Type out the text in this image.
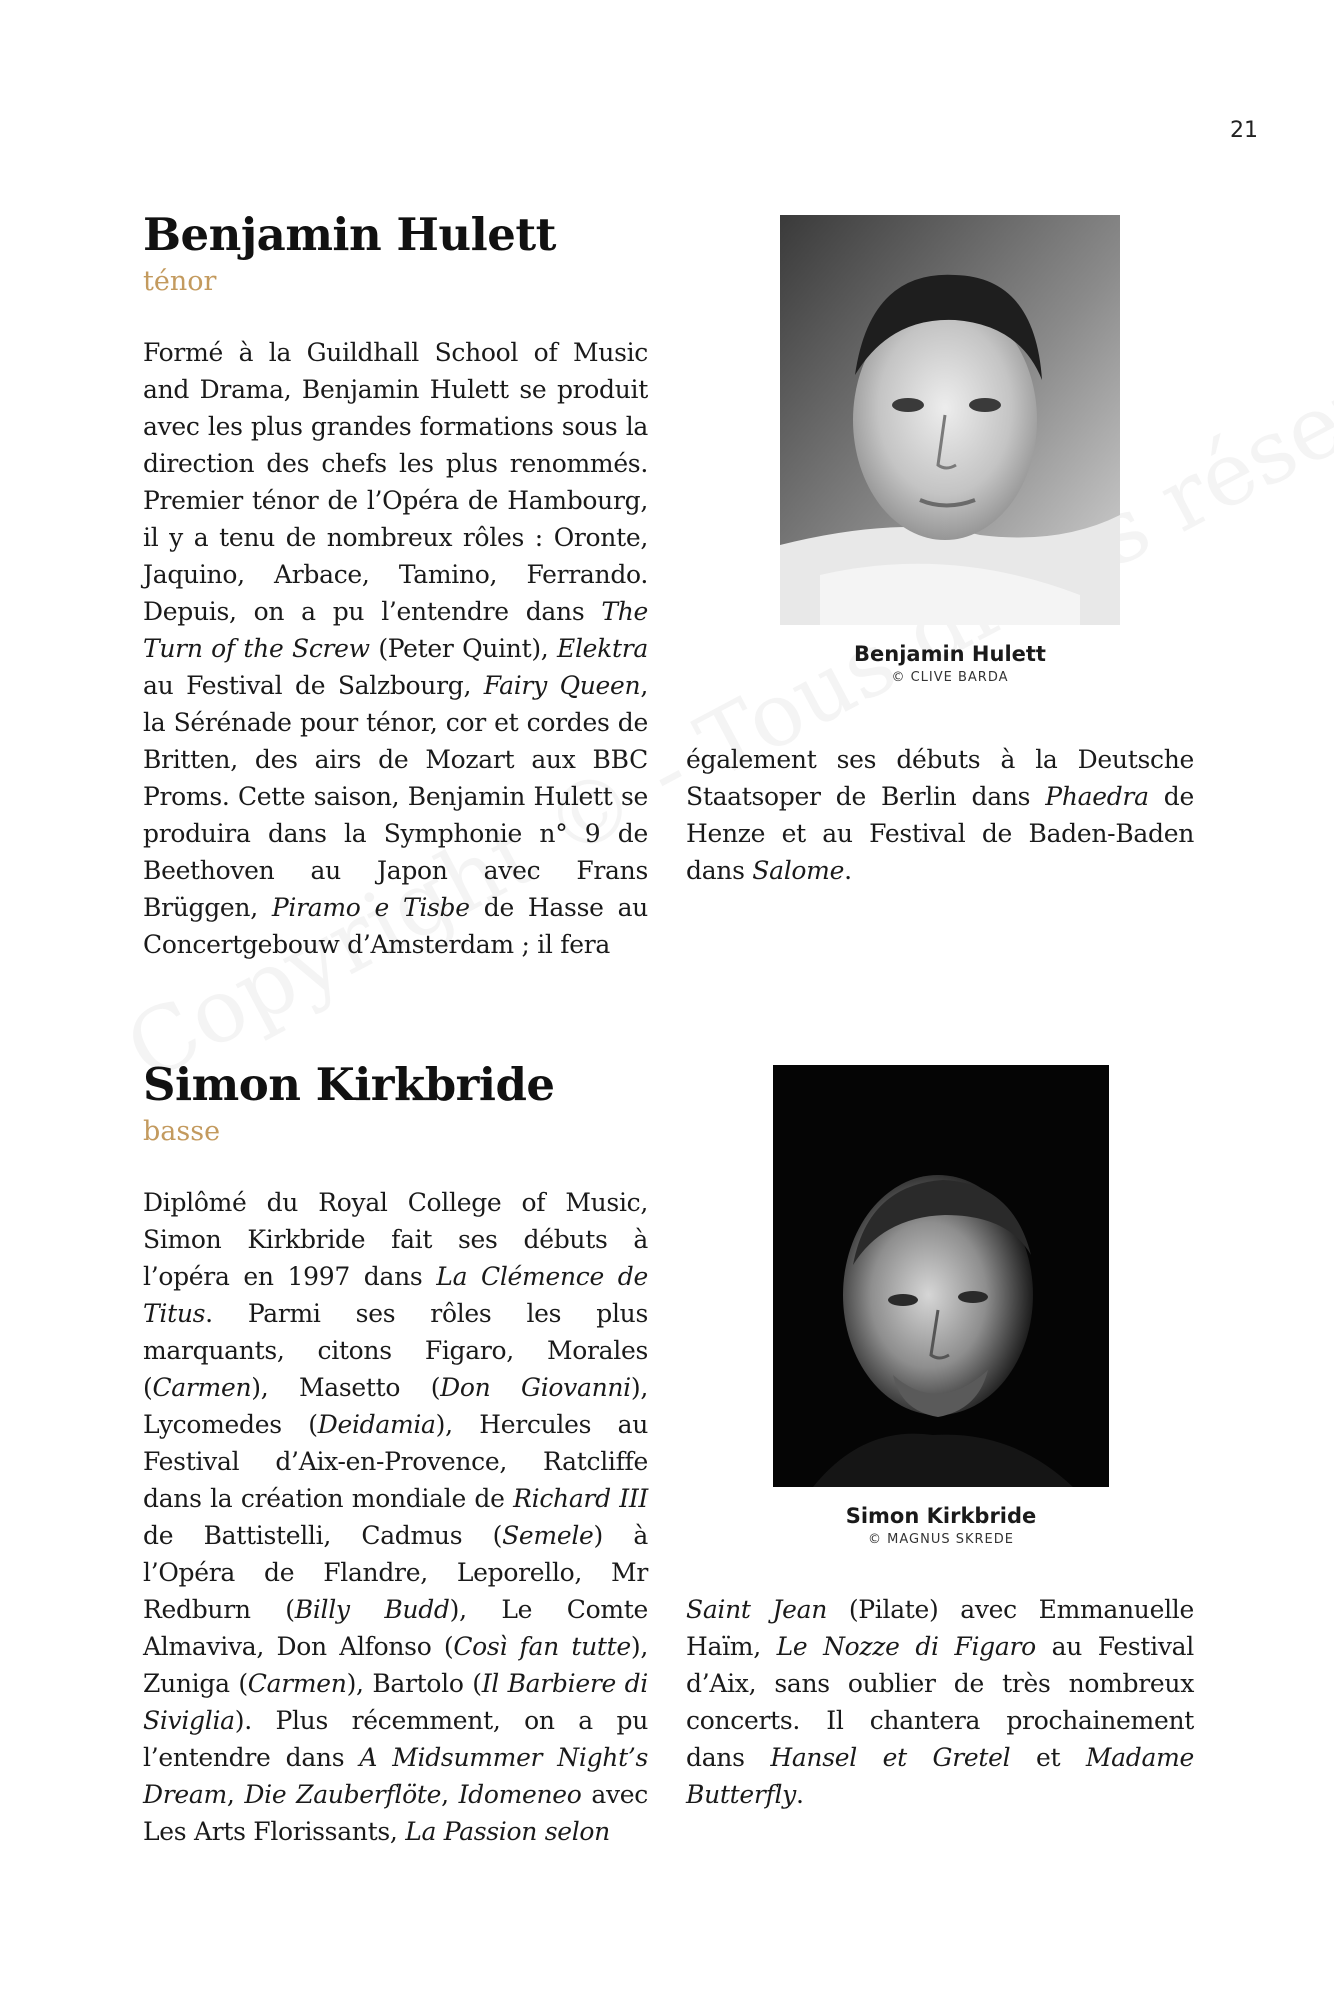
21
Benjamin Hulett
ténor

Formé à la Guildhall School of Music and Drama, Benjamin Hulett se produit avec les plus grandes formations sous la direction des chefs les plus renommés. Premier ténor de l’Opéra de Hambourg, il y a tenu de nombreux rôles : Oronte, Jaquino, Arbace, Tamino, Ferrando. Depuis, on a pu l’entendre dans The Turn of the Screw (Peter Quint), Elektra au Festival de Salzbourg, Fairy Queen, la Sérénade pour ténor, cor et cordes de Britten, des airs de Mozart aux BBC Proms. Cette saison, Benjamin Hulett se produira dans la Symphonie n° 9 de Beethoven au Japon avec Frans Brüggen, Piramo e Tisbe de Hasse au Concertgebouw d’Amsterdam ; il fera

Benjamin Hulett
© CLIVE BARDA

également ses débuts à la Deutsche Staatsoper de Berlin dans Phaedra de Henze et au Festival de Baden-Baden dans Salome.

Simon Kirkbride
basse

Diplômé du Royal College of Music, Simon Kirkbride fait ses débuts à l’opéra en 1997 dans La Clémence de Titus. Parmi ses rôles les plus marquants, citons Figaro, Morales (Carmen), Masetto (Don Giovanni), Lycomedes (Deidamia), Hercules au Festival d’Aix-en-Provence, Ratcliffe dans la création mondiale de Richard III de Battistelli, Cadmus (Semele) à l’Opéra de Flandre, Leporello, Mr Redburn (Billy Budd), Le Comte Almaviva, Don Alfonso (Così fan tutte), Zuniga (Carmen), Bartolo (Il Barbiere di Siviglia). Plus récemment, on a pu l’entendre dans A Midsummer Night’s Dream, Die Zauberflöte, Idomeneo avec Les Arts Florissants, La Passion selon

Simon Kirkbride
© MAGNUS SKREDE

Saint Jean (Pilate) avec Emmanuelle Haïm, Le Nozze di Figaro au Festival d’Aix, sans oublier de très nombreux concerts. Il chantera prochainement dans Hansel et Gretel et Madame Butterfly.
